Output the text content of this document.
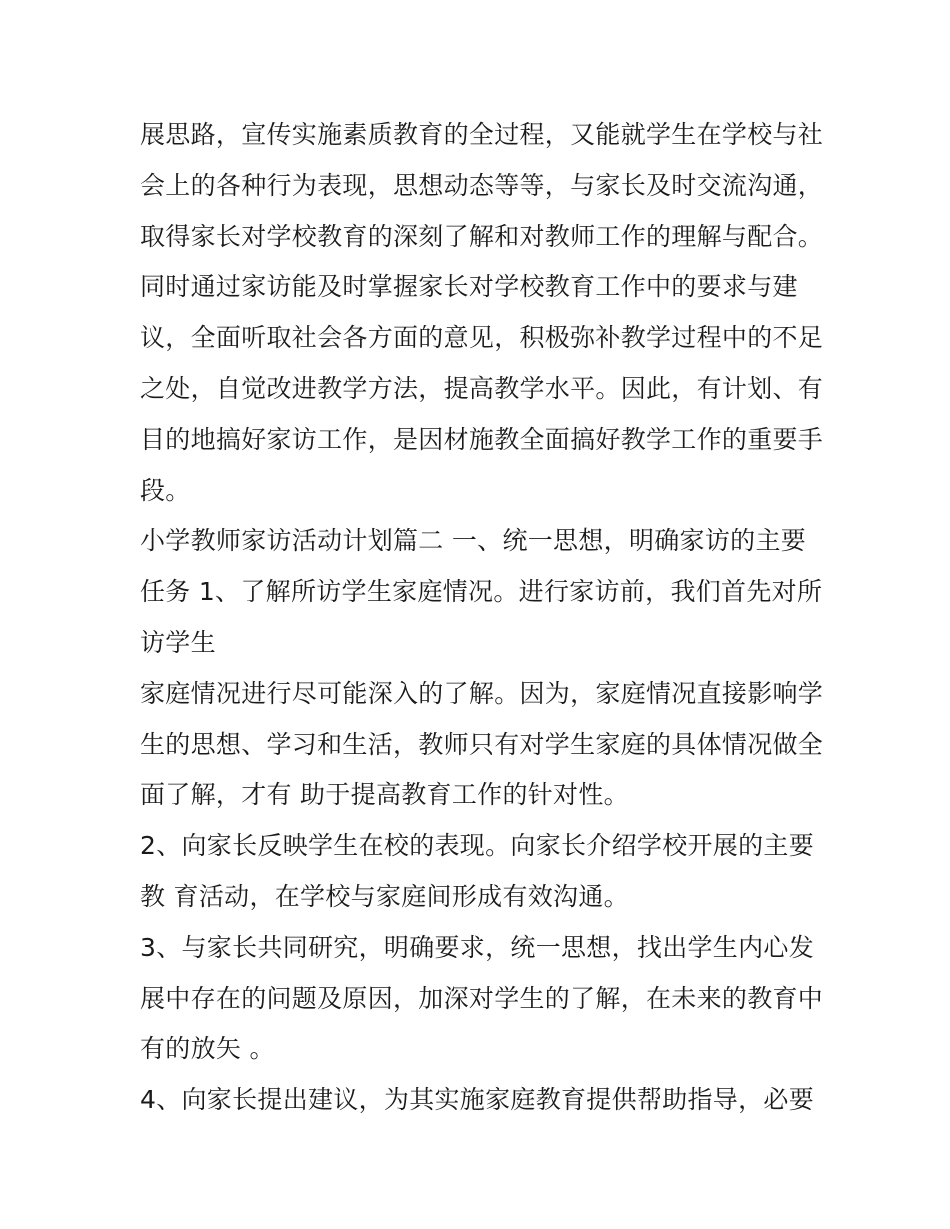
展思路，宣传实施素质教育的全过程，又能就学生在学校与社
会上的各种行为表现，思想动态等等，与家长及时交流沟通，
取得家长对学校教育的深刻了解和对教师工作的理解与配合。
同时通过家访能及时掌握家长对学校教育工作中的要求与建
议，全面听取社会各方面的意见，积极弥补教学过程中的不足
之处，自觉改进教学方法，提高教学水平。因此，有计划、有
目的地搞好家访工作，是因材施教全面搞好教学工作的重要手
段。
小学教师家访活动计划篇二 一、统一思想，明确家访的主要
任务 1、了解所访学生家庭情况。进行家访前，我们首先对所
访学生
家庭情况进行尽可能深入的了解。因为，家庭情况直接影响学
生的思想、学习和生活，教师只有对学生家庭的具体情况做全
面了解，才有 助于提高教育工作的针对性。
2、向家长反映学生在校的表现。向家长介绍学校开展的主要
教 育活动，在学校与家庭间形成有效沟通。
3、与家长共同研究，明确要求，统一思想，找出学生内心发
展中存在的问题及原因，加深对学生的了解，在未来的教育中
有的放矢 。
4、向家长提出建议，为其实施家庭教育提供帮助指导，必要
